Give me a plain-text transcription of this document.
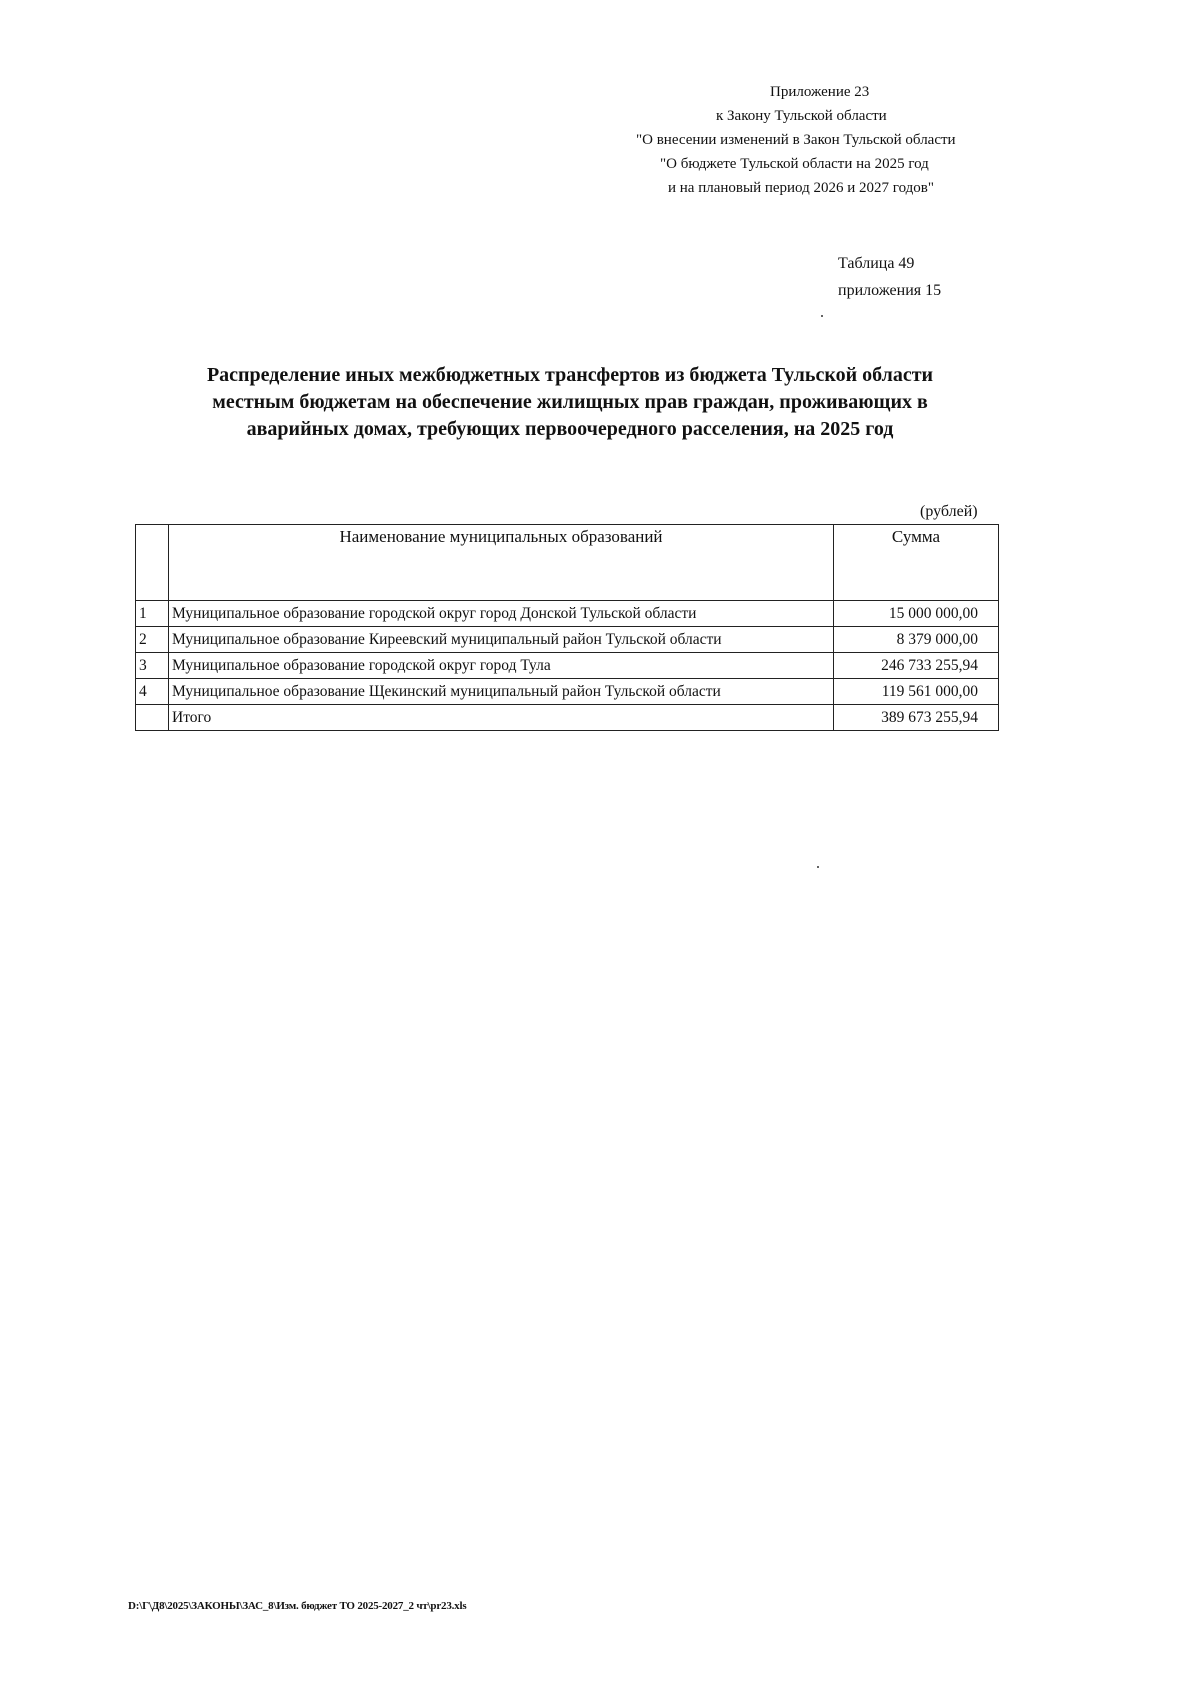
Приложение 23
к Закону Тульской области
"О внесении изменений в Закон Тульской области
"О бюджете Тульской области на 2025 год
и на плановый период 2026 и 2027 годов"
Таблица 49
приложения 15
Распределение иных межбюджетных трансфертов из бюджета Тульской области
местным бюджетам на обеспечение жилищных прав граждан, проживающих в
аварийных домах, требующих первоочередного расселения, на 2025 год
(рублей)
	Наименование муниципальных образований	Сумма
1	Муниципальное образование городской округ город Донской Тульской области	15 000 000,00
2	Муниципальное образование Киреевский муниципальный район Тульской области	8 379 000,00
3	Муниципальное образование городской округ город Тула	246 733 255,94
4	Муниципальное образование Щекинский муниципальный район Тульской области	119 561 000,00
	Итого	389 673 255,94
D:\Г\Д8\2025\ЗАКОНЫ\ЗАС_8\Изм. бюджет ТО 2025-2027_2 чт\pr23.xls
